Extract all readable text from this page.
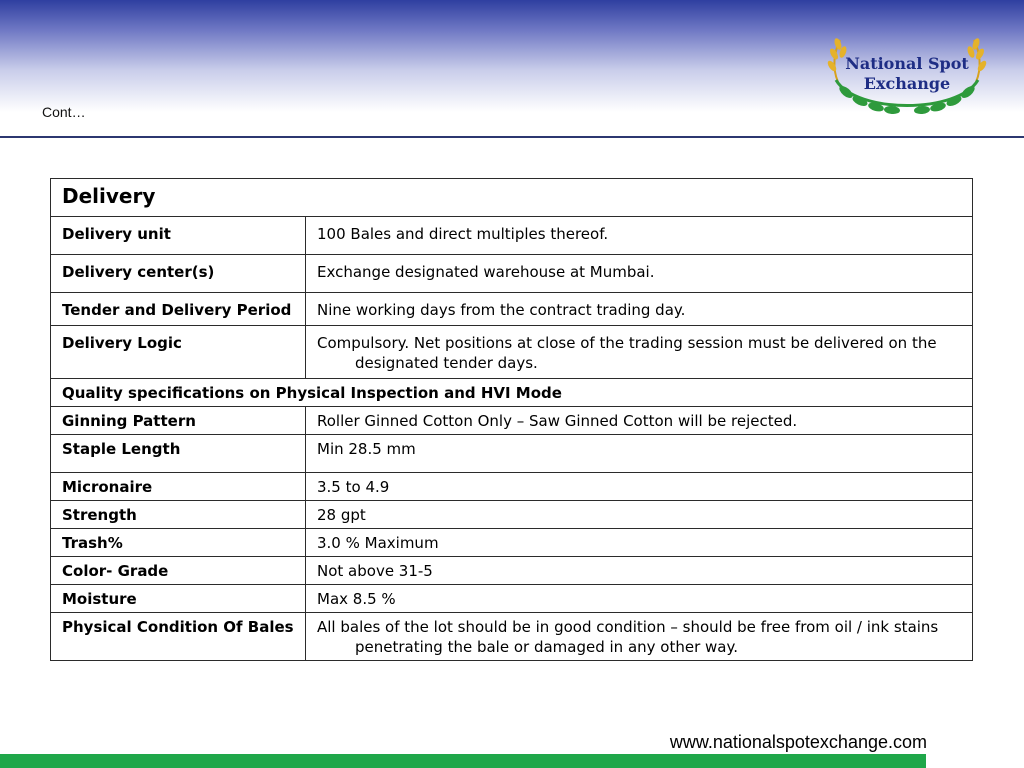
Cont…
National Spot
Exchange
Delivery	

Delivery unit	100 Bales and direct multiples thereof.

Delivery center(s)	Exchange designated warehouse at Mumbai.

Tender and Delivery Period	Nine working days from the contract trading day.

Delivery Logic	Compulsory. Net positions at close of the trading session must be delivered on the designated tender days.

Quality specifications on Physical Inspection and HVI Mode	

Ginning Pattern	Roller Ginned Cotton Only – Saw Ginned Cotton will be rejected.

Staple Length	Min 28.5 mm

Micronaire	3.5 to 4.9

Strength	28 gpt

Trash%	3.0 % Maximum

Color- Grade	Not above 31-5

Moisture	Max 8.5 %

Physical Condition Of Bales	All bales of the lot should be in good condition – should be free from oil / ink stains penetrating the bale or damaged in any other way.
www.nationalspotexchange.com
